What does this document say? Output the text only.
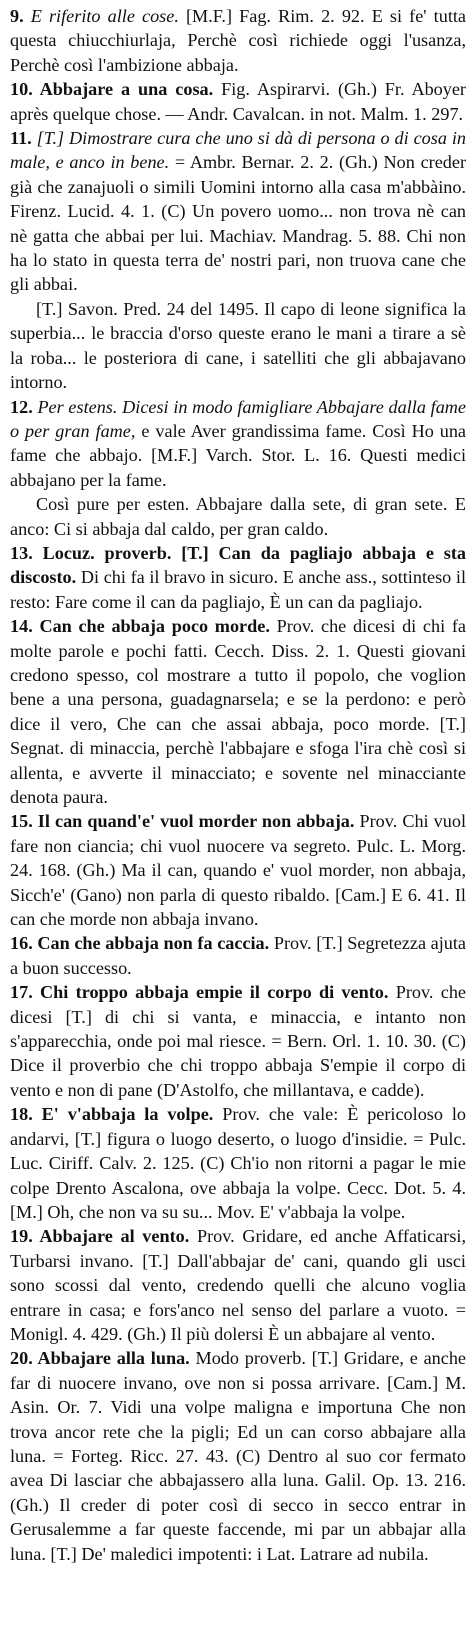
9. E riferito alle cose. [M.F.] Fag. Rim. 2. 92. E si fe' tutta questa chiucchiurlaja, Perchè così richiede oggi l'usanza, Perchè così l'ambizione abbaja.

10. Abbajare a una cosa. Fig. Aspirarvi. (Gh.) Fr. Aboyer après quelque chose. — Andr. Cavalcan. in not. Malm. 1. 297.

11. [T.] Dimostrare cura che uno si dà di persona o di cosa in male, e anco in bene. = Ambr. Bernar. 2. 2. (Gh.) Non creder già che zanajuoli o simili Uomini intorno alla casa m'abbàino. Firenz. Lucid. 4. 1. (C) Un povero uomo... non trova nè can nè gatta che abbai per lui. Machiav. Mandrag. 5. 88. Chi non ha lo stato in questa terra de' nostri pari, non truova cane che gli abbai.

[T.] Savon. Pred. 24 del 1495. Il capo di leone significa la superbia... le braccia d'orso queste erano le mani a tirare a sè la roba... le posteriora di cane, i satelliti che gli abbajavano intorno.

12. Per estens. Dicesi in modo famigliare Abbajare dalla fame o per gran fame, e vale Aver grandissima fame. Così Ho una fame che abbajo. [M.F.] Varch. Stor. L. 16. Questi medici abbajano per la fame.

Così pure per esten. Abbajare dalla sete, di gran sete. E anco: Ci si abbaja dal caldo, per gran caldo.

13. Locuz. proverb. [T.] Can da pagliajo abbaja e sta discosto. Di chi fa il bravo in sicuro. E anche ass., sottinteso il resto: Fare come il can da pagliajo, È un can da pagliajo.

14. Can che abbaja poco morde. Prov. che dicesi di chi fa molte parole e pochi fatti. Cecch. Diss. 2. 1. Questi giovani credono spesso, col mostrare a tutto il popolo, che voglion bene a una persona, guadagnarsela; e se la perdono: e però dice il vero, Che can che assai abbaja, poco morde. [T.] Segnat. di minaccia, perchè l'abbajare e sfoga l'ira chè così si allenta, e avverte il minacciato; e sovente nel minacciante denota paura.

15. Il can quand'e' vuol morder non abbaja. Prov. Chi vuol fare non ciancia; chi vuol nuocere va segreto. Pulc. L. Morg. 24. 168. (Gh.) Ma il can, quando e' vuol morder, non abbaja, Sicch'e' (Gano) non parla di questo ribaldo. [Cam.] E 6. 41. Il can che morde non abbaja invano.

16. Can che abbaja non fa caccia. Prov. [T.] Segretezza ajuta a buon successo.

17. Chi troppo abbaja empie il corpo di vento. Prov. che dicesi [T.] di chi si vanta, e minaccia, e intanto non s'apparecchia, onde poi mal riesce. = Bern. Orl. 1. 10. 30. (C) Dice il proverbio che chi troppo abbaja S'empie il corpo di vento e non di pane (D'Astolfo, che millantava, e cadde).

18. E' v'abbaja la volpe. Prov. che vale: È pericoloso lo andarvi, [T.] figura o luogo deserto, o luogo d'insidie. = Pulc. Luc. Ciriff. Calv. 2. 125. (C) Ch'io non ritorni a pagar le mie colpe Drento Ascalona, ove abbaja la volpe. Cecc. Dot. 5. 4. [M.] Oh, che non va su su... Mov. E' v'abbaja la volpe.

19. Abbajare al vento. Prov. Gridare, ed anche Affaticarsi, Turbarsi invano. [T.] Dall'abbajar de' cani, quando gli usci sono scossi dal vento, credendo quelli che alcuno voglia entrare in casa; e fors'anco nel senso del parlare a vuoto. = Monigl. 4. 429. (Gh.) Il più dolersi È un abbajare al vento.

20. Abbajare alla luna. Modo proverb. [T.] Gridare, e anche far di nuocere invano, ove non si possa arrivare. [Cam.] M. Asin. Or. 7. Vidi una volpe maligna e importuna Che non trova ancor rete che la pigli; Ed un can corso abbajare alla luna. = Forteg. Ricc. 27. 43. (C) Dentro al suo cor fermato avea Di lasciar che abbajassero alla luna. Galil. Op. 13. 216. (Gh.) Il creder di poter così di secco in secco entrar in Gerusalemme a far queste faccende, mi par un abbajar alla luna. [T.] De' maledici impotenti: i Lat. Latrare ad nubila.
